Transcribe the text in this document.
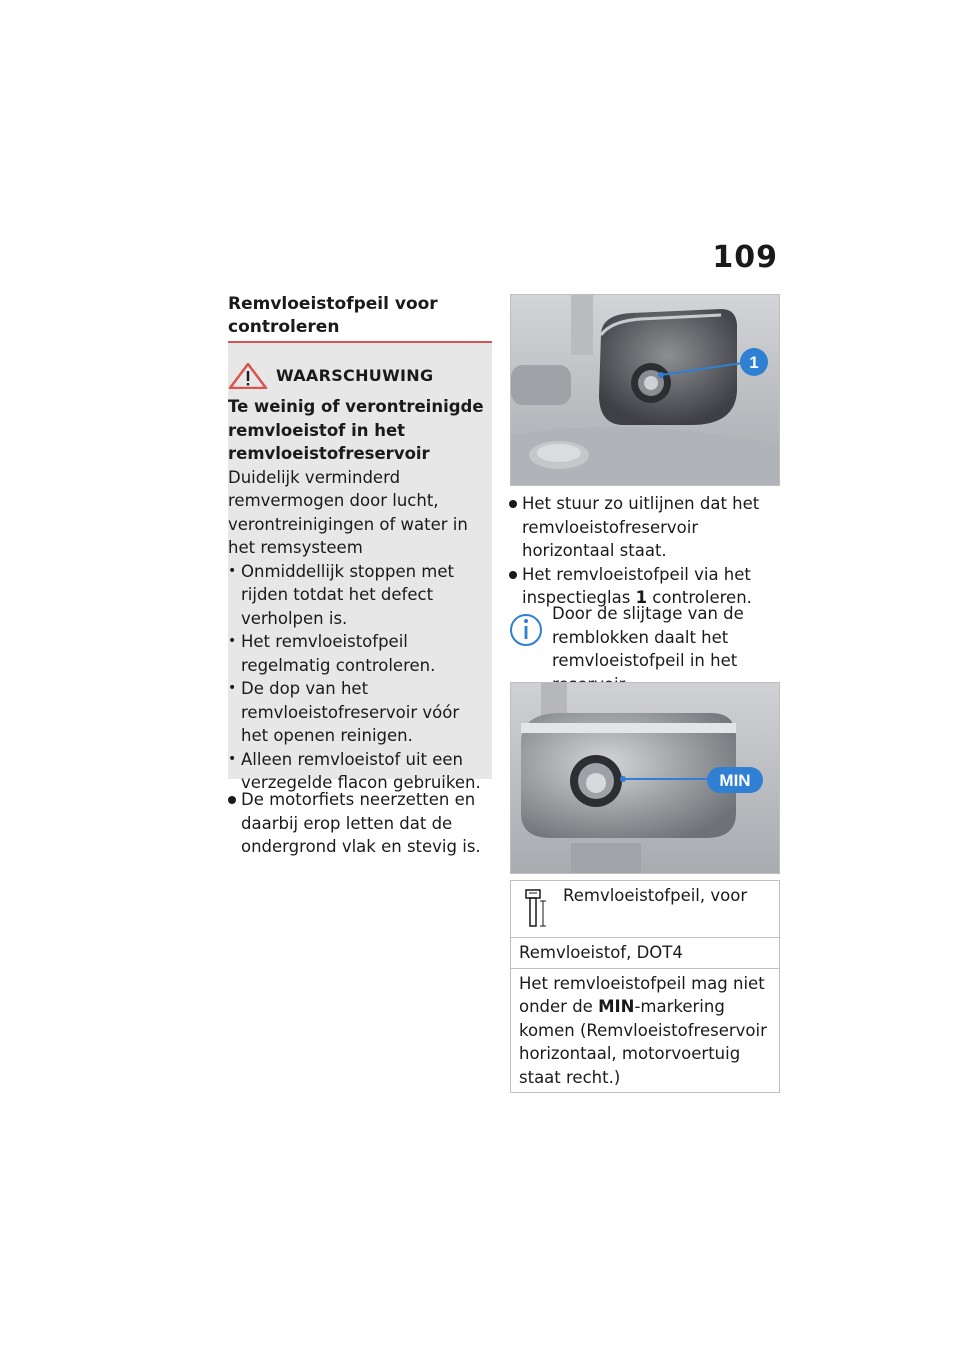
109
Remvloeistofpeil voor controleren
WAARSCHUWING
Te weinig of verontreinigde remvloeistof in het remvloeistofreservoir
Duidelijk verminderd remvermogen door lucht, verontreinigingen of water in het remsysteem
• Onmiddellijk stoppen met rijden totdat het defect verholpen is.
• Het remvloeistofpeil regelmatig controleren.
• De dop van het remvloeistofreservoir vóór het openen reinigen.
• Alleen remvloeistof uit een verzegelde flacon gebruiken.
De motorfiets neerzetten en daarbij erop letten dat de ondergrond vlak en stevig is.
1
Het stuur zo uitlijnen dat het remvloeistofreservoir horizontaal staat.
Het remvloeistofpeil via het inspectieglas 1 controleren.
Door de slijtage van de remblokken daalt het remvloeistofpeil in het
MIN
Remvloeistofpeil, voor
Remvloeistof, DOT4
Het remvloeistofpeil mag niet onder de MIN-markering komen (Remvloeistofreservoir horizontaal, motorvoertuig staat recht.)
